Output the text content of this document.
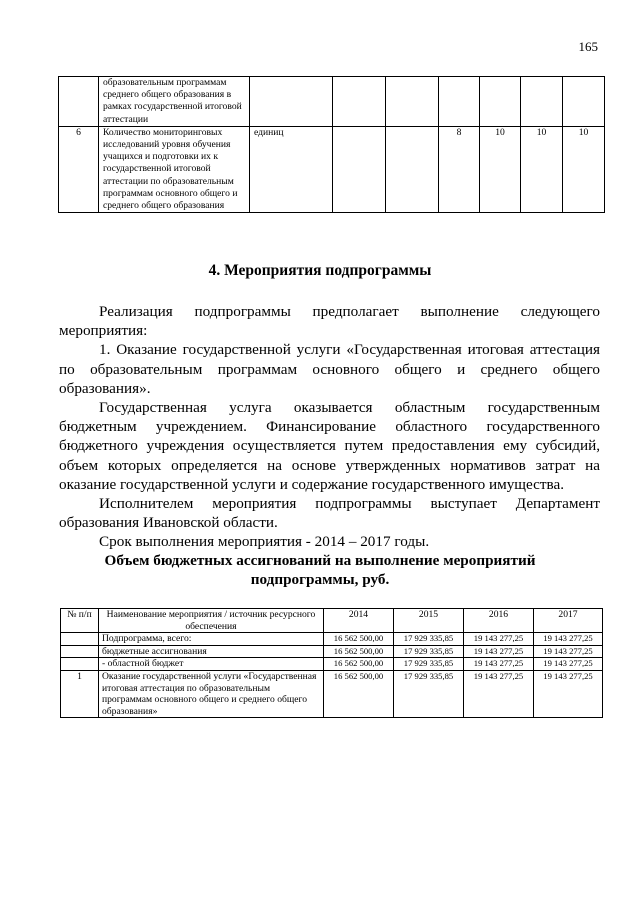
165
	образовательным программам среднего общего образования в рамках государственной итоговой аттестации							
6	Количество мониторинговых исследований уровня обучения учащихся и подготовки их к государственной итоговой аттестации по образовательным программам основного общего и среднего общего образования	единиц			8	10	10	10
4. Мероприятия подпрограммы

Реализация подпрограммы предполагает выполнение следующего мероприятия:

1. Оказание государственной услуги «Государственная итоговая аттестация по образовательным программам основного общего и среднего общего образования».

Государственная услуга оказывается областным государственным бюджетным учреждением. Финансирование областного государственного бюджетного учреждения осуществляется путем предоставления ему субсидий, объем которых определяется на основе утвержденных нормативов затрат на оказание государственной услуги и содержание государственного имущества.

Исполнителем мероприятия подпрограммы выступает Департамент образования Ивановской области.

Срок выполнения мероприятия - 2014 – 2017 годы.

Объем бюджетных ассигнований на выполнение мероприятий
подпрограммы, руб.
№ п/п	Наименование мероприятия / источник ресурсного обеспечения	2014	2015	2016	2017
	Подпрограмма, всего:	16 562 500,00	17 929 335,85	19 143 277,25	19 143 277,25
	бюджетные ассигнования	16 562 500,00	17 929 335,85	19 143 277,25	19 143 277,25
	- областной бюджет	16 562 500,00	17 929 335,85	19 143 277,25	19 143 277,25
1	Оказание государственной услуги «Государственная итоговая аттестация по образовательным программам основного общего и среднего общего образования»	16 562 500,00	17 929 335,85	19 143 277,25	19 143 277,25
